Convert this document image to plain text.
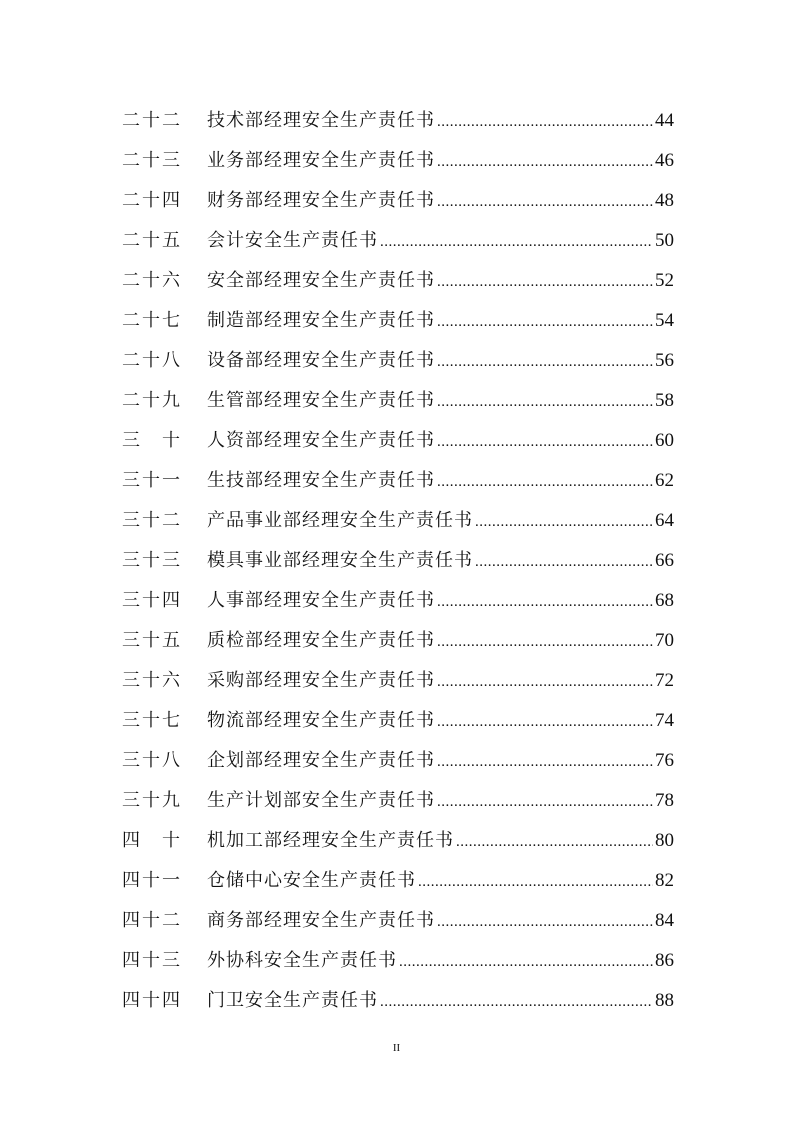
二十二	技术部经理安全生产责任书 .....	44
二十三	业务部经理安全生产责任书 .....	46
二十四	财务部经理安全生产责任书 .....	48
二十五	会计安全生产责任书 .....	50
二十六	安全部经理安全生产责任书 .....	52
二十七	制造部经理安全生产责任书 .....	54
二十八	设备部经理安全生产责任书 .....	56
二十九	生管部经理安全生产责任书 .....	58
三　十	人资部经理安全生产责任书 .....	60
三十一	生技部经理安全生产责任书 .....	62
三十二	产品事业部经理安全生产责任书 .....	64
三十三	模具事业部经理安全生产责任书 .....	66
三十四	人事部经理安全生产责任书 .....	68
三十五	质检部经理安全生产责任书 .....	70
三十六	采购部经理安全生产责任书 .....	72
三十七	物流部经理安全生产责任书 .....	74
三十八	企划部经理安全生产责任书 .....	76
三十九	生产计划部安全生产责任书 .....	78
四　十	机加工部经理安全生产责任书 .....	80
四十一	仓储中心安全生产责任书 .....	82
四十二	商务部经理安全生产责任书 .....	84
四十三	外协科安全生产责任书 .....	86
四十四	门卫安全生产责任书 .....	88
II
